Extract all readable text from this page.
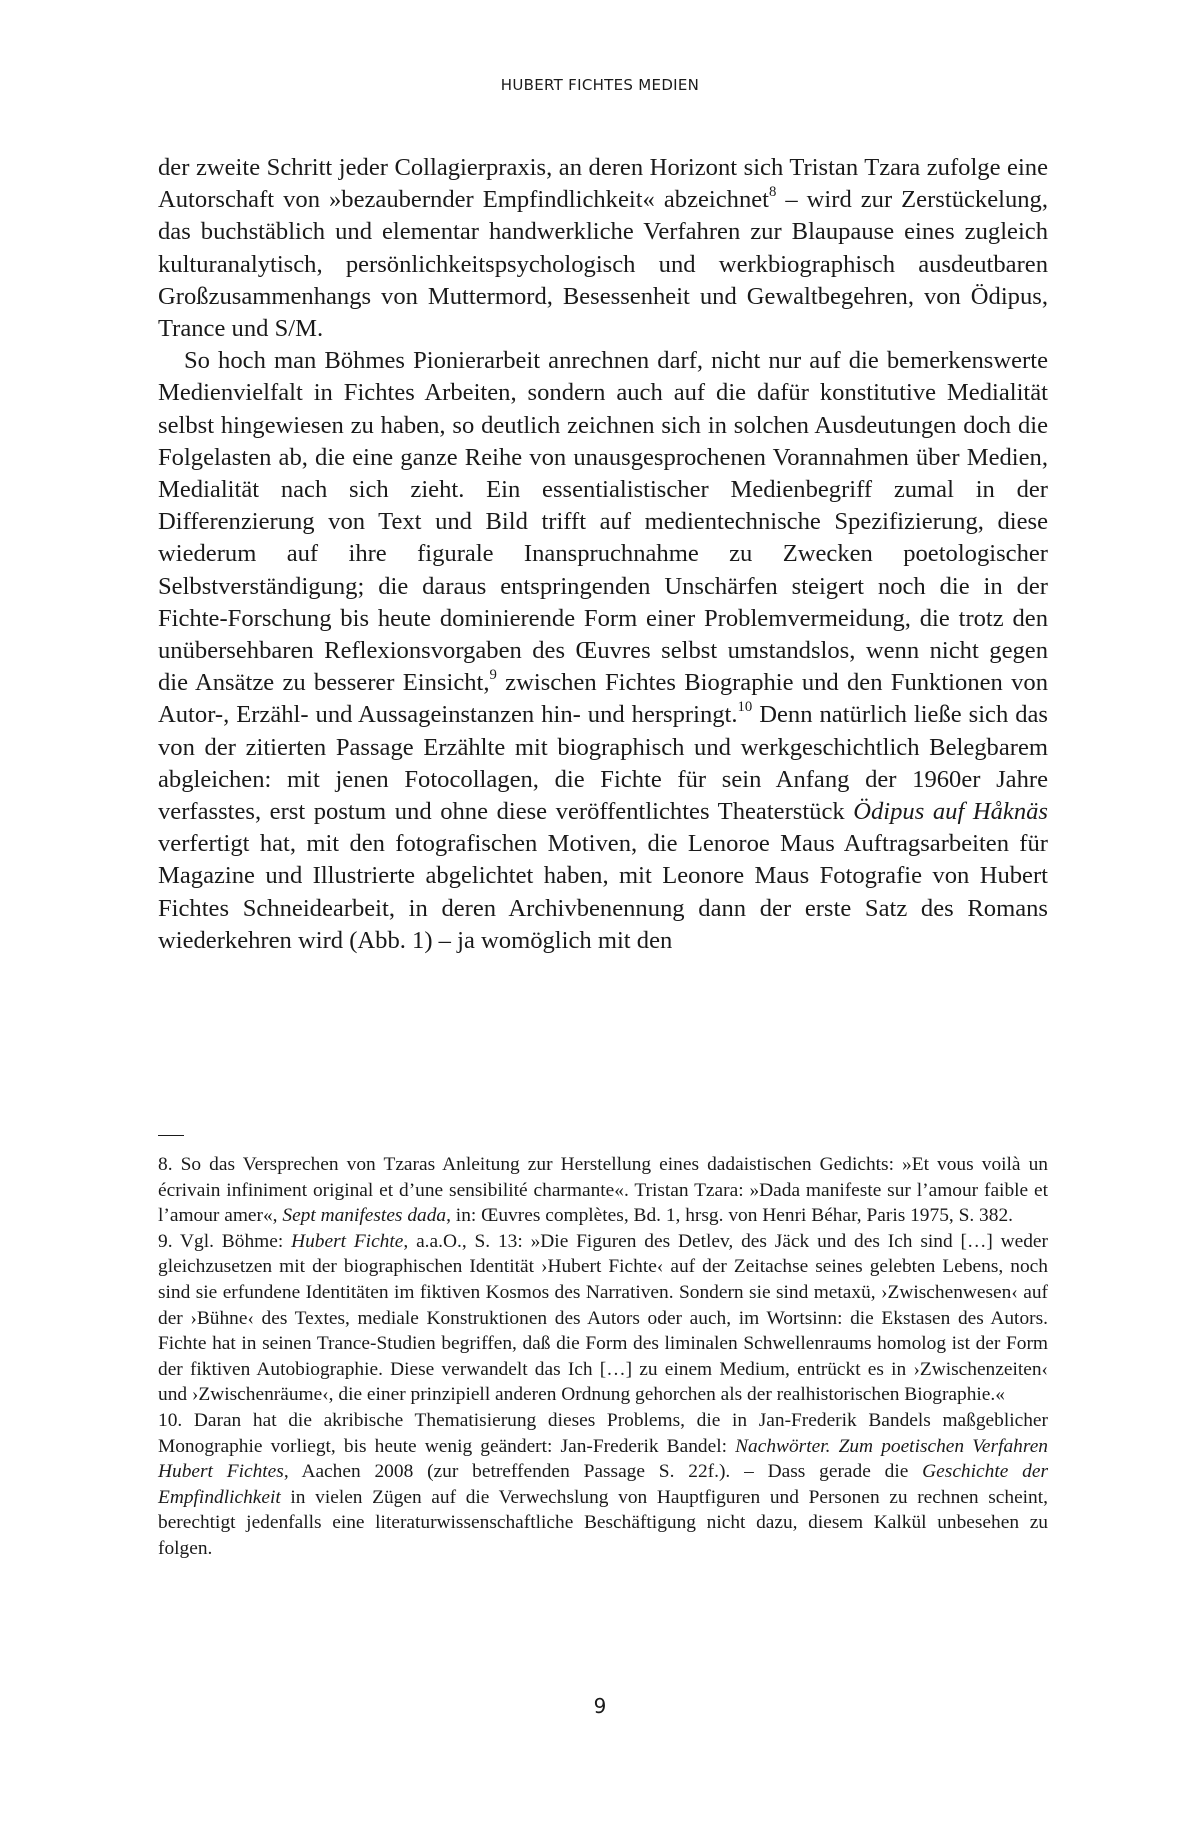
HUBERT FICHTES MEDIEN

der zweite Schritt jeder Collagierpraxis, an deren Horizont sich Tristan Tzara zufolge eine Autorschaft von »bezaubernder Empfindlichkeit« abzeichnet$^8$ – wird zur Zerstückelung, das buchstäblich und elementar handwerkliche Verfahren zur Blaupause eines zugleich kulturanalytisch, persönlichkeitspsychologisch und werkbiographisch ausdeutbaren Großzusammenhangs von Muttermord, Besessenheit und Gewaltbegehren, von Ödipus, Trance und S/M.

So hoch man Böhmes Pionierarbeit anrechnen darf, nicht nur auf die bemerkenswerte Medienvielfalt in Fichtes Arbeiten, sondern auch auf die dafür konstitutive Medialität selbst hingewiesen zu haben, so deutlich zeichnen sich in solchen Ausdeutungen doch die Folgelasten ab, die eine ganze Reihe von unausgesprochenen Vorannahmen über Medien, Medialität nach sich zieht. Ein essentialistischer Medienbegriff zumal in der Differenzierung von Text und Bild trifft auf medientechnische Spezifizierung, diese wiederum auf ihre figurale Inanspruchnahme zu Zwecken poetologischer Selbstverständigung; die daraus entspringenden Unschärfen steigert noch die in der Fichte-Forschung bis heute dominierende Form einer Problemvermeidung, die trotz den unübersehbaren Reflexionsvorgaben des Œuvres selbst umstandslos, wenn nicht gegen die Ansätze zu besserer Einsicht,$^9$ zwischen Fichtes Biographie und den Funktionen von Autor-, Erzähl- und Aussageinstanzen hin- und herspringt.$^{10}$ Denn natürlich ließe sich das von der zitierten Passage Erzählte mit biographisch und werkgeschichtlich Belegbarem abgleichen: mit jenen Fotocollagen, die Fichte für sein Anfang der 1960er Jahre verfasstes, erst postum und ohne diese veröffentlichtes Theaterstück Ödipus auf Håknäs verfertigt hat, mit den fotografischen Motiven, die Lenoroe Maus Auftragsarbeiten für Magazine und Illustrierte abgelichtet haben, mit Leonore Maus Fotografie von Hubert Fichtes Schneidearbeit, in deren Archivbenennung dann der erste Satz des Romans wiederkehren wird (Abb. 1) – ja womöglich mit den

8. So das Versprechen von Tzaras Anleitung zur Herstellung eines dadaistischen Gedichts: »Et vous voilà un écrivain infiniment original et d’une sensibilité charmante«. Tristan Tzara: »Dada manifeste sur l’amour faible et l’amour amer«, Sept manifestes dada, in: Œuvres complètes, Bd. 1, hrsg. von Henri Béhar, Paris 1975, S. 382.

9. Vgl. Böhme: Hubert Fichte, a.a.O., S. 13: »Die Figuren des Detlev, des Jäck und des Ich sind […] weder gleichzusetzen mit der biographischen Identität ›Hubert Fichte‹ auf der Zeitachse seines gelebten Lebens, noch sind sie erfundene Identitäten im fiktiven Kosmos des Narrativen. Sondern sie sind metaxü, ›Zwischenwesen‹ auf der ›Bühne‹ des Textes, mediale Konstruktionen des Autors oder auch, im Wortsinn: die Ekstasen des Autors. Fichte hat in seinen Trance-Studien begriffen, daß die Form des liminalen Schwellenraums homolog ist der Form der fiktiven Autobiographie. Diese verwandelt das Ich […] zu einem Medium, entrückt es in ›Zwischenzeiten‹ und ›Zwischenräume‹, die einer prinzipiell anderen Ordnung gehorchen als der realhistorischen Biographie.«

10. Daran hat die akribische Thematisierung dieses Problems, die in Jan-Frederik Bandels maßgeblicher Monographie vorliegt, bis heute wenig geändert: Jan-Frederik Bandel: Nachwörter. Zum poetischen Verfahren Hubert Fichtes, Aachen 2008 (zur betreffenden Passage S. 22f.). – Dass gerade die Geschichte der Empfindlichkeit in vielen Zügen auf die Verwechslung von Hauptfiguren und Personen zu rechnen scheint, berechtigt jedenfalls eine literaturwissenschaftliche Beschäftigung nicht dazu, diesem Kalkül unbesehen zu folgen.

9
